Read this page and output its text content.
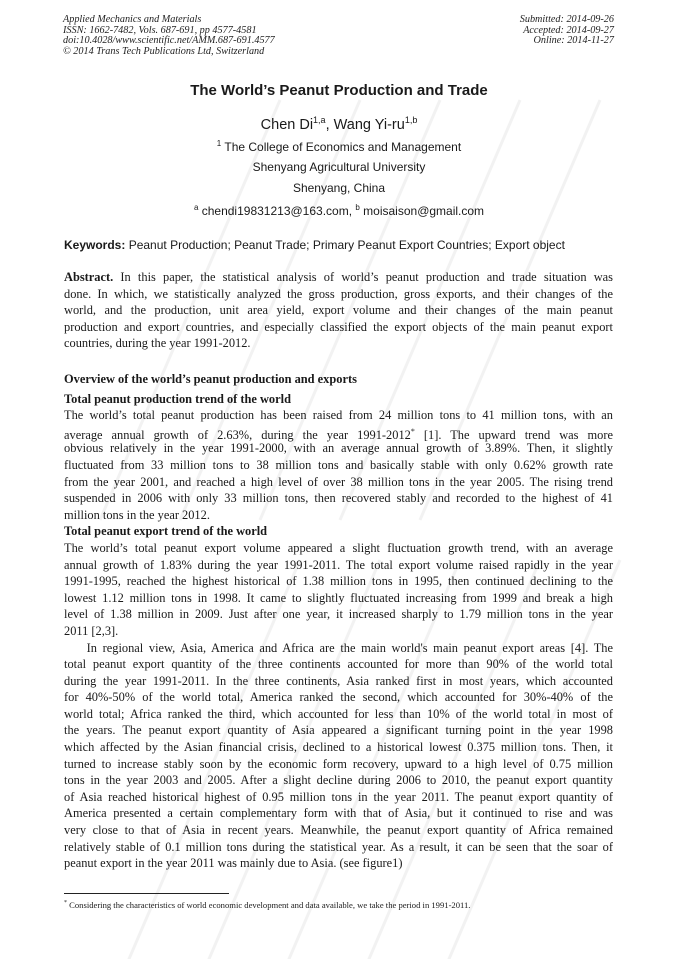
Applied Mechanics and Materials
ISSN: 1662-7482, Vols. 687-691, pp 4577-4581
doi:10.4028/www.scientific.net/AMM.687-691.4577
© 2014 Trans Tech Publications Ltd, Switzerland
Submitted: 2014-09-26
Accepted: 2014-09-27
Online: 2014-11-27
The World’s Peanut Production and Trade
Chen Di$^{1,a}$, Wang Yi-ru$^{1,b}$
$^1$ The College of Economics and Management
Shenyang Agricultural University
Shenyang, China
$^a$ chendi19831213@163.com, $^b$ moisaison@gmail.com
Keywords: Peanut Production; Peanut Trade; Primary Peanut Export Countries; Export object
Abstract. In this paper, the statistical analysis of world’s peanut production and trade situation was
done. In which, we statistically analyzed the gross production, gross exports, and their changes of the
world, and the production, unit area yield, export volume and their changes of the main peanut
production and export countries, and especially classified the export objects of the main peanut export
countries, during the year 1991-2012.
Overview of the world’s peanut production and exports
Total peanut production trend of the world
The world’s total peanut production has been raised from 24 million tons to 41 million tons, with an
average annual growth of 2.63%, during the year 1991-2012* [1]. The upward trend was more
obvious relatively in the year 1991-2000, with an average annual growth of 3.89%. Then, it slightly
fluctuated from 33 million tons to 38 million tons and basically stable with only 0.62% growth rate
from the year 2001, and reached a high level of over 38 million tons in the year 2005. The rising trend
suspended in 2006 with only 33 million tons, then recovered stably and recorded to the highest of 41
million tons in the year 2012.
Total peanut export trend of the world
The world’s total peanut export volume appeared a slight fluctuation growth trend, with an average
annual growth of 1.83% during the year 1991-2011. The total export volume raised rapidly in the year
1991-1995, reached the highest historical of 1.38 million tons in 1995, then continued declining to the
lowest 1.12 million tons in 1998. It came to slightly fluctuated increasing from 1999 and break a high
level of 1.38 million in 2009. Just after one year, it increased sharply to 1.79 million tons in the year
2011 [2,3].
In regional view, Asia, America and Africa are the main world's main peanut export areas [4]. The
total peanut export quantity of the three continents accounted for more than 90% of the world total
during the year 1991-2011. In the three continents, Asia ranked first in most years, which accounted
for 40%-50% of the world total, America ranked the second, which accounted for 30%-40% of the
world total; Africa ranked the third, which accounted for less than 10% of the world total in most of
the years. The peanut export quantity of Asia appeared a significant turning point in the year 1998
which affected by the Asian financial crisis, declined to a historical lowest 0.375 million tons. Then, it
turned to increase stably soon by the economic form recovery, upward to a high level of 0.75 million
tons in the year 2003 and 2005. After a slight decline during 2006 to 2010, the peanut export quantity
of Asia reached historical highest of 0.95 million tons in the year 2011. The peanut export quantity of
America presented a certain complementary form with that of Asia, but it continued to rise and was
very close to that of Asia in recent years. Meanwhile, the peanut export quantity of Africa remained
relatively stable of 0.1 million tons during the statistical year. As a result, it can be seen that the soar of
peanut export in the year 2011 was mainly due to Asia. (see figure1)
* Considering the characteristics of world economic development and data available, we take the period in 1991-2011.
